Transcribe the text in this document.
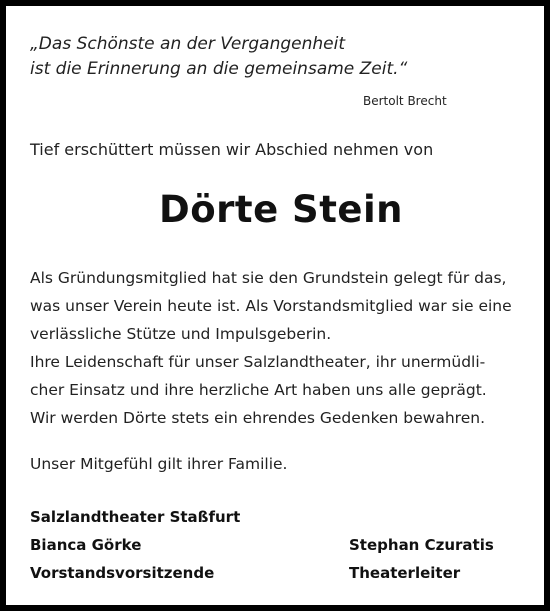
„Das Schönste an der Vergangenheit
ist die Erinnerung an die gemeinsame Zeit.“
Bertolt Brecht
Tief erschüttert müssen wir Abschied nehmen von
Dörte Stein
Als Gründungsmitglied hat sie den Grundstein gelegt für das,
was unser Verein heute ist. Als Vorstandsmitglied war sie eine
verlässliche Stütze und Impulsgeberin.
Ihre Leidenschaft für unser Salzlandtheater, ihr unermüdli-
cher Einsatz und ihre herzliche Art haben uns alle geprägt.
Wir werden Dörte stets ein ehrendes Gedenken bewahren.
Unser Mitgefühl gilt ihrer Familie.
Salzlandtheater Staßfurt
Bianca Görke
Vorstandsvorsitzende
Stephan Czuratis
Theaterleiter
